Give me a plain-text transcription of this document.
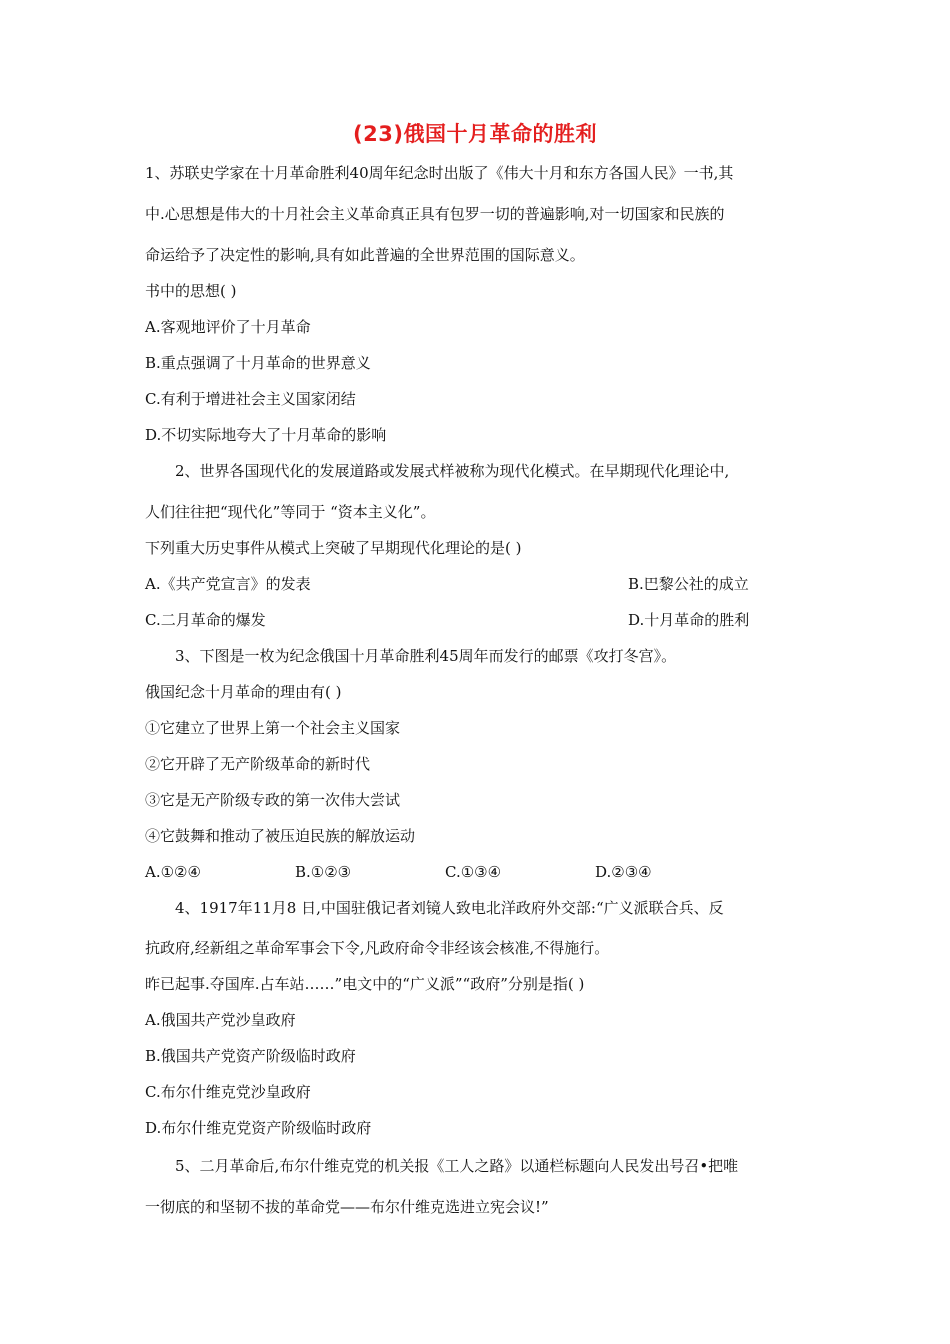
(23)俄国十月革命的胜利
1、苏联史学家在十月革命胜利40周年纪念时出版了《伟大十月和东方各国人民》一书,其
中.心思想是伟大的十月社会主义革命真正具有包罗一切的普遍影响,对一切国家和民族的
命运给予了决定性的影响,具有如此普遍的全世界范围的国际意义。
书中的思想( )
A.客观地评价了十月革命
B.重点强调了十月革命的世界意义
C.有利于增进社会主义国家闭结
D.不切实际地夸大了十月革命的影响
2、世界各国现代化的发展道路或发展式样被称为现代化模式。在早期现代化理论中,
人们往往把“现代化”等同于 “资本主义化”。
下列重大历史事件从模式上突破了早期现代化理论的是( )
A.《共产党宣言》的发表	B.巴黎公社的成立
C.二月革命的爆发	D.十月革命的胜利
3、下图是一枚为纪念俄国十月革命胜利45周年而发行的邮票《攻打冬宫》。
俄国纪念十月革命的理由有( )
①它建立了世界上第一个社会主义国家
②它开辟了无产阶级革命的新时代
③它是无产阶级专政的第一次伟大尝试
④它鼓舞和推动了被压迫民族的解放运动
A.①②④	B.①②③	C.①③④	D.②③④
4、1917年11月8 日,中国驻俄记者刘镜人致电北洋政府外交部:“广义派联合兵、反
抗政府,经新组之革命军事会下令,凡政府命令非经该会核准,不得施行。
昨已起事.夺国库.占车站……”电文中的“广义派”“政府”分别是指( )
A.俄国共产党沙皇政府
B.俄国共产党资产阶级临时政府
C.布尔什维克党沙皇政府
D.布尔什维克党资产阶级临时政府
5、二月革命后,布尔什维克党的机关报《工人之路》以通栏标题向人民发出号召•把唯
一彻底的和坚韧不拔的革命党——布尔什维克选进立宪会议!”
